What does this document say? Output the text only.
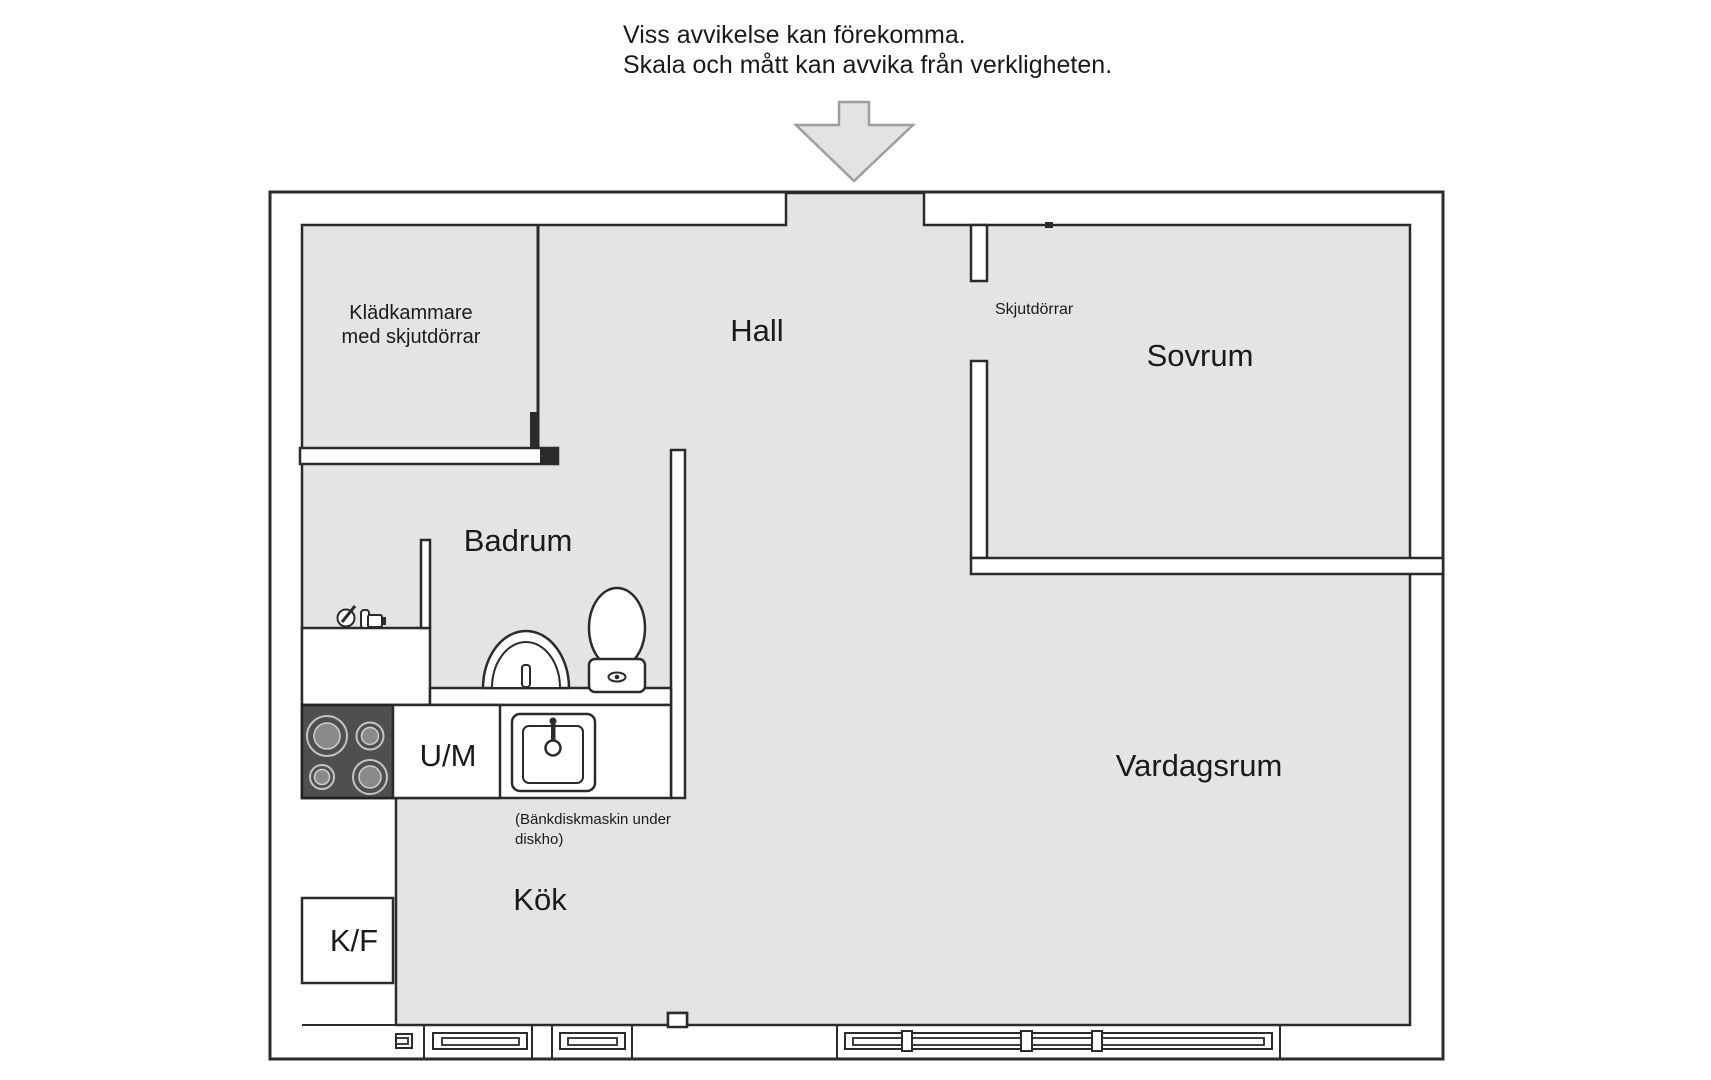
Viss avvikelse kan förekomma.
Skala och mått kan avvika från verkligheten.
Klädkammare
med skjutdörrar	Hall
Skjutdörrar
Sovrum
Badrum
U/M
(Bänkdiskmaskin under
diskho)
Kök
K/F
Vardagsrum
